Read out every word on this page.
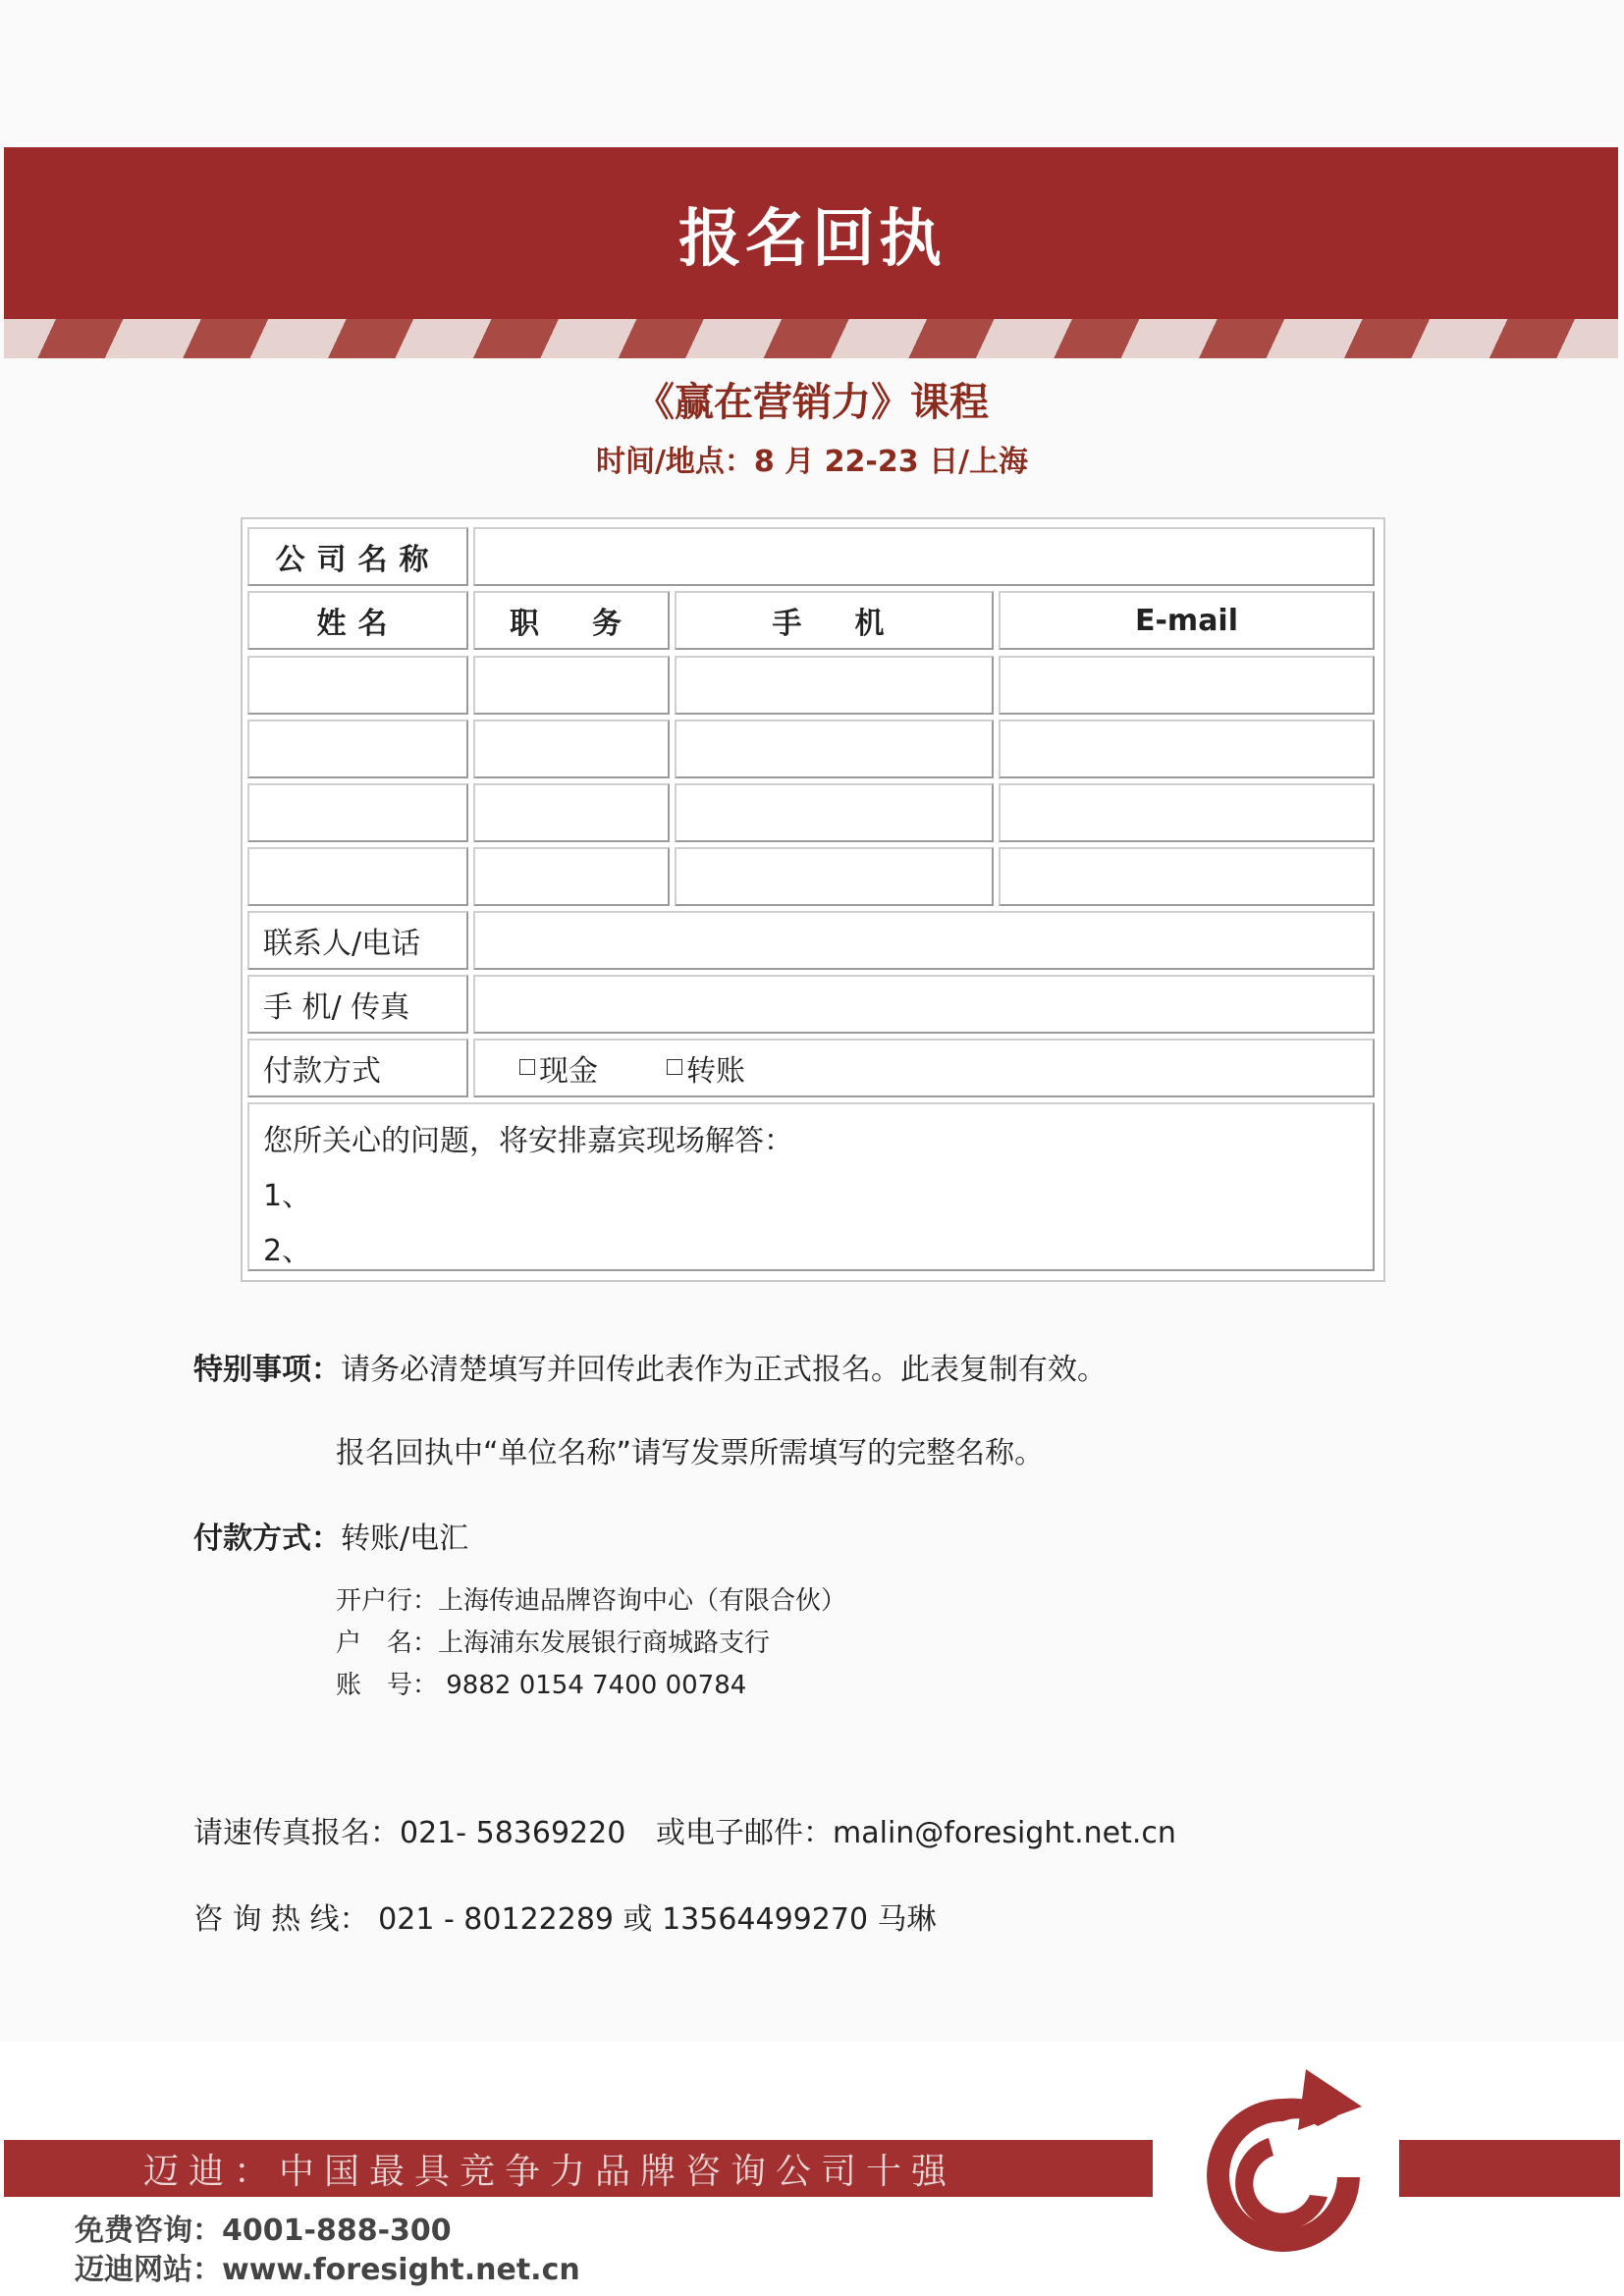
报名回执
《赢在营销力》课程
时间/地点：8 月 22-23 日/上海
公司名称
姓名	职　务	手　机	E-mail
联系人/电话
手 机/ 传真
付款方式	现金	转账
您所关心的问题，将安排嘉宾现场解答：
1、
2、
特别事项：请务必清楚填写并回传此表作为正式报名。此表复制有效。
报名回执中“单位名称”请写发票所需填写的完整名称。
付款方式：转账/电汇
开户行：上海传迪品牌咨询中心（有限合伙）
户　名：上海浦东发展银行商城路支行
账　号： 9882 0154 7400 00784
请速传真报名：021- 58369220 或电子邮件：malin@foresight.net.cn
咨 询 热 线： 021 - 80122289 或 13564499270 马琳
迈迪：中国最具竞争力品牌咨询公司十强
免费咨询：4001-888-300
迈迪网站：www.foresight.net.cn
